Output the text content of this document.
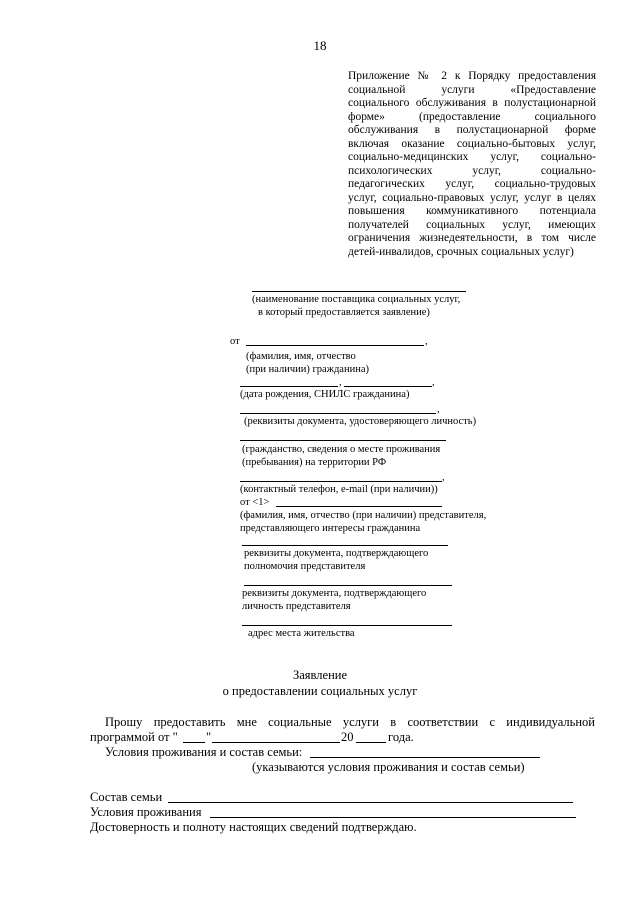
18
Приложение № 2 к Порядку предоставления
социальной услуги «Предоставление
социального обслуживания в полустационарной
форме» (предоставление социального
обслуживания в полустационарной форме
включая оказание социально-бытовых услуг,
социально-медицинских услуг, социально-
психологических услуг, социально-
педагогических услуг, социально-трудовых
услуг, социально-правовых услуг, услуг в целях
повышения коммуникативного потенциала
получателей социальных услуг, имеющих
ограничения жизнедеятельности, в том числе
детей-инвалидов, срочных социальных услуг)
(наименование поставщика социальных услуг,
в который предоставляется заявление)
от	,
(фамилия, имя, отчество
(при наличии) гражданина)
,	,
(дата рождения, СНИЛС гражданина)
,
(реквизиты документа, удостоверяющего личность)
(гражданство, сведения о месте проживания
(пребывания) на территории РФ
,
(контактный телефон, e-mail (при наличии))
от <1>
(фамилия, имя, отчество (при наличии) представителя,
представляющего интересы гражданина
реквизиты документа, подтверждающего
полномочия представителя
реквизиты документа, подтверждающего
личность представителя
адрес места жительства
Заявление
о предоставлении социальных услуг
Прошу предоставить мне социальные услуги в соответствии с индивидуальной
программой от " "	20	года.
Условия проживания и состав семьи:
(указываются условия проживания и состав семьи)
Состав семьи
Условия проживания
Достоверность и полноту настоящих сведений подтверждаю.
